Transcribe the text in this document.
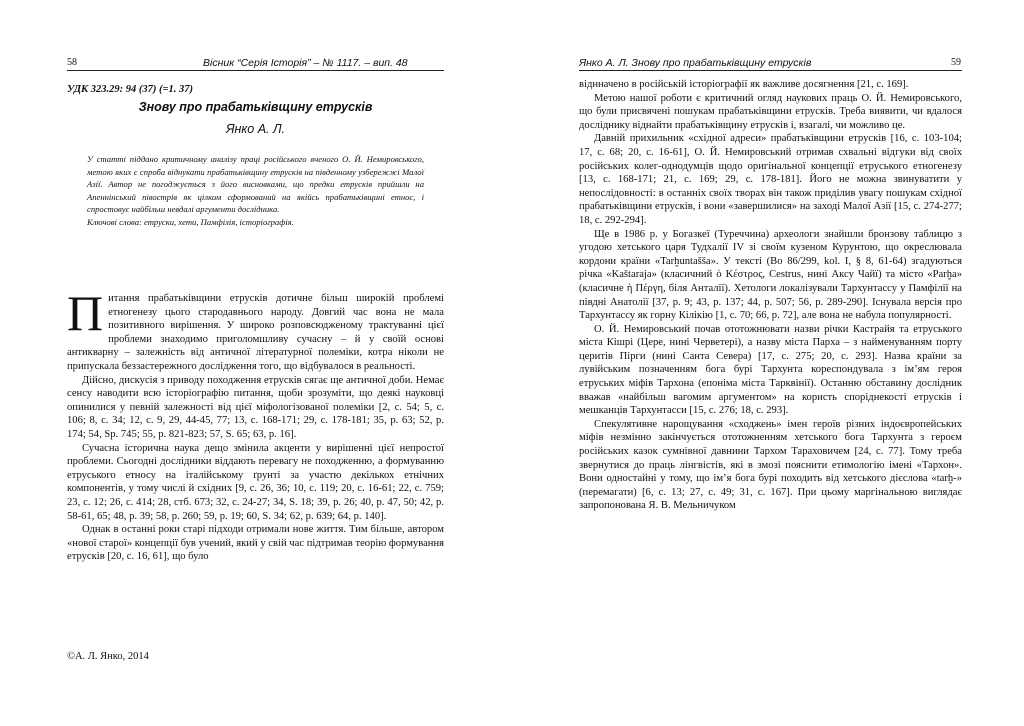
58	Вісник “Серія Історія” – № 1117. – вип. 48
УДК 323.29: 94 (37) (=1. 37)
Знову про прабатьківщину етрусків
Янко А. Л.

У статті піддано критичному аналізу праці російського вченого О. Й. Немировського, метою яких є спроба віднукати прабатьківщину етрусків на південному узбережжі Малої Азії. Автор не погоджується з його висновками, що предки етрусків прийшли на Апеннінський півострів як цілком сформований на якійсь прабатьківщині етнос, і спростовує найбільш невдалі аргументи дослідника.

Ключові слова: етруски, хети, Памфілія, історіографія.

Питання прабатьківщини етрусків дотичне більш широкій проблемі етногенезу цього стародавнього народу. Довгий час вона не мала позитивного вирішення. У широко розповсюдженому трактуванні цієї проблеми знаходимо приголомшливу сучасну – й у своїй основі антикварну – залежність від античної літературної полеміки, котра ніколи не припускала беззастережного дослідження того, що відбувалося в реальності.

Дійсно, дискусія з приводу походження етрусків сягає ще античної доби. Немає сенсу наводити всю історіографію питання, щоби зрозуміти, що деякі науковці опинилися у певній залежності від цієї міфологізованої полеміки [2, с. 54; 5, с. 106; 8, с. 34; 12, с. 9, 29, 44-45, 77; 13, с. 168-171; 29, с. 178-181; 35, р. 63; 52, р. 174; 54, Sp. 745; 55, р. 821-823; 57, S. 65; 63, р. 16].

Сучасна історична наука дещо змінила акценти у вирішенні цієї непростої проблеми. Сьогодні дослідники віддають перевагу не походженню, а формуванню етруського етносу на італійському ґрунті за участю декількох етнічних компонентів, у тому числі й східних [9, с. 26, 36; 10, с. 119; 20, с. 16-61; 22, с. 759; 23, с. 12; 26, с. 414; 28, стб. 673; 32, с. 24-27; 34, S. 18; 39, р. 26; 40, р. 47, 50; 42, р. 58-61, 65; 48, р. 39; 58, р. 260; 59, р. 19; 60, S. 34; 62, р. 639; 64, р. 140].

Однак в останні роки старі підходи отримали нове життя. Тим більше, автором «нової старої» концепції був учений, який у свій час підтримав теорію формування етрусків [20, с. 16, 61], що було

©А. Л. Янко, 2014
Янко А. Л. Знову про прабатьківщину етрусків	59

віднначено в російській історіографії як важливе досягнення [21, с. 169].

Метою нашої роботи є критичний огляд наукових праць О. Й. Немировського, що були присвячені пошукам прабатьківщини етрусків. Треба виявити, чи вдалося досліднику віднайти прабатьківщину етрусків і, взагалі, чи можливо це.

Давній прихильник «східної адреси» прабатьківщини етрусків [16, с. 103-104; 17, с. 68; 20, с. 16-61], О. Й. Немировський отримав схвальні відгуки від своїх російських колег-однодумців щодо оригінальної концепції етруського етногенезу [13, с. 168-171; 21, с. 169; 29, с. 178-181]. Його не можна звинуватити у непослідовності: в останніх своїх творах він також приділив увагу пошукам східної прабатьківщини етрусків, і вони «завершилися» на заході Малої Азії [15, с. 274-277; 18, с. 292-294].

Ще в 1986 р. у Богазкеї (Туреччина) археологи знайшли бронзову таблицю з угодою хетського царя Тудхалії IV зі своїм кузеном Курунтою, що окреслювала кордони країни «Tarḫuntašša». У тексті (Во 86/299, kol. I, § 8, 61-64) згадуються річка «Kaštaraja» (класичний ὁ Κέστρος, Cestrus, нині Аксу Чайї) та місто «Parḫa» (класичне ἡ Πέργη, біля Анталії). Хетологи локалізували Тархунтассу у Памфілії на півдні Анатолії [37, р. 9; 43, р. 137; 44, р. 507; 56, р. 289-290]. Існувала версія про Тархунтассу як горну Кілікію [1, с. 70; 66, р. 72], але вона не набула популярності.

О. Й. Немировський почав ототожнювати назви річки Кастрайя та етруського міста Кішрі (Цере, нині Черветері), а назву міста Парха – з найменуванням порту церитів Пірги (нині Санта Севера) [17, с. 275; 20, с. 293]. Назва країни за лувійським позначенням бога бурі Тархунта кореспондувала з ім’ям героя етруських міфів Тархона (епоніма міста Тарквінії). Останню обставину дослідник вважав «найбільш вагомим аргументом» на користь споріднекості етрусків і мешканців Тархунтасси [15, с. 276; 18, с. 293].

Спекулятивне нарощування «сходжень» імен героїв різних індоєвропейських міфів незмінно закінчується ототожненням хетського бога Тархунта з героєм російських казок сумнівної давнини Тархом Тараховичем [24, с. 77]. Тому треба звернутися до праць лінгвістів, які в змозі пояснити етимологію імені «Тархон». Вони одностайні у тому, що ім’я бога бурі походить від хетського дієслова «tarḫ-» (перемагати) [6, с. 13; 27, с. 49; 31, с. 167]. При цьому маргінальною виглядає запропонована Я. В. Мельничуком
